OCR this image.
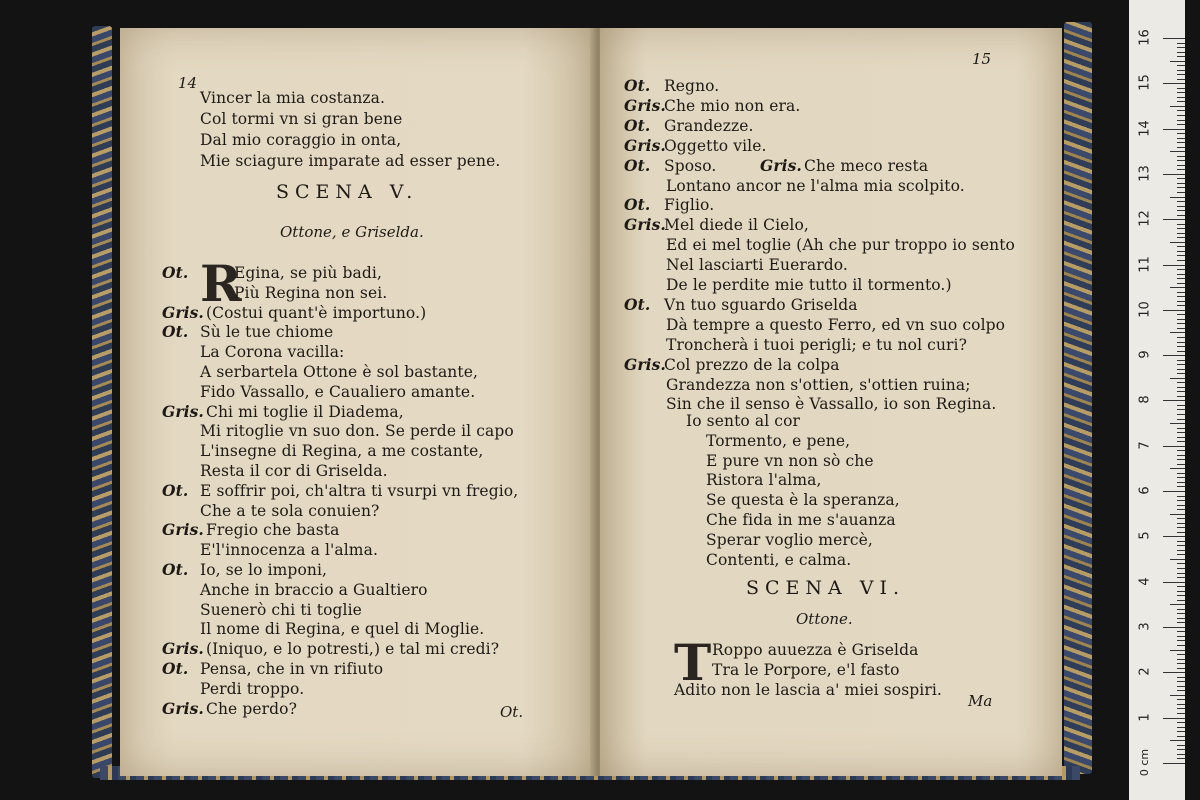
14
Vincer la mia costanza.
Col tormi vn si gran bene
Dal mio coraggio in onta,
Mie sciagure imparate ad esser pene.
SCENA V.
Ottone, e Griselda.
Ot. R
Egina, se più badi,
Più Regina non sei.
Gris. (Costui quant'è importuno.)
Ot. Sù le tue chiome
La Corona vacilla:
A serbartela Ottone è sol bastante,
Fido Vassallo, e Caualiero amante.
Gris. Chi mi toglie il Diadema,
Mi ritoglie vn suo don. Se perde il capo
L'insegne di Regina, a me costante,
Resta il cor di Griselda.
Ot. E soffrir poi, ch'altra ti vsurpi vn fregio,
Che a te sola conuien?
Gris. Fregio che basta
E'l'innocenza a l'alma.
Ot. Io, se lo imponi,
Anche in braccio a Gualtiero
Suenerò chi ti toglie
Il nome di Regina, e quel di Moglie.
Gris. (Iniquo, e lo potresti,) e tal mi credi?
Ot. Pensa, che in vn rifiuto
Perdi troppo.
Gris. Che perdo?	Ot.
15
Ot. Regno.
Gris.
Che mio non era.
Ot. Grandezze.
Gris.
Oggetto vile.
Ot. Sposo.	Gris. Che meco resta
Lontano ancor ne l'alma mia scolpito.
Ot. Figlio.
Gris.
Mel diede il Cielo,
Ed ei mel toglie (Ah che pur troppo io sento
Nel lasciarti Euerardo.
De le perdite mie tutto il tormento.)
Ot. Vn tuo sguardo Griselda
Dà tempre a questo Ferro, ed vn suo colpo
Troncherà i tuoi perigli; e tu nol curi?
Gris.
Col prezzo de la colpa
Grandezza non s'ottien, s'ottien ruina;
Sin che il senso è Vassallo, io son Regina.
Io sento al cor
Tormento, e pene,
E pure vn non sò che
Ristora l'alma,
Se questa è la speranza,
Che fida in me s'auanza
Sperar voglio mercè,
Contenti, e calma.
SCENA VI.
Ottone.
T Roppo auuezza è Griselda
Tra le Porpore, e'l fasto
Adito non le lascia a' miei sospiri.
Ma
0 cm
16
15
14
13
12
11
10
9
8
7
6
5
4
3
2
1
